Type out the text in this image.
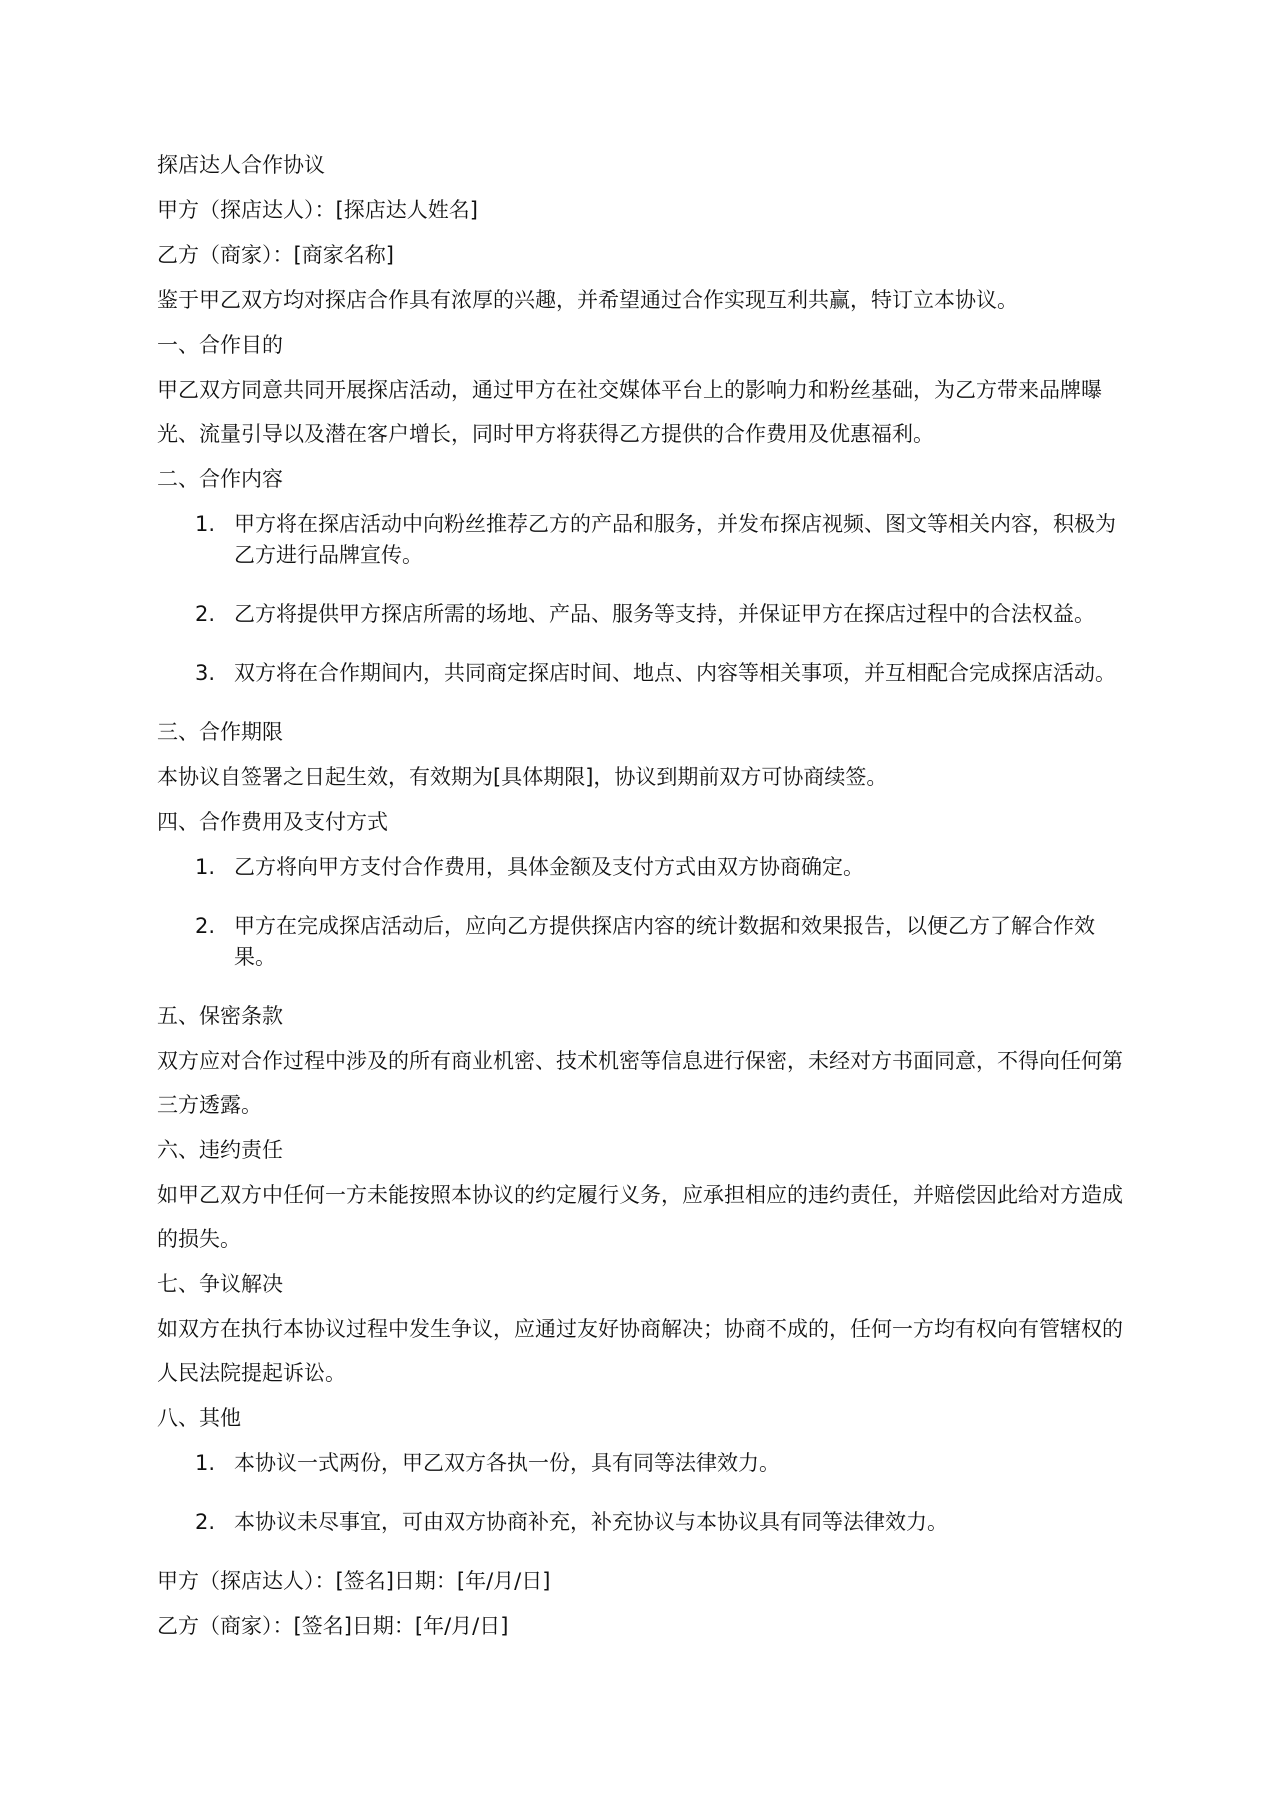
探店达人合作协议
甲方（探店达人）：[探店达人姓名]
乙方（商家）：[商家名称]
鉴于甲乙双方均对探店合作具有浓厚的兴趣，并希望通过合作实现互利共赢，特订立本协议。
一、合作目的
甲乙双方同意共同开展探店活动，通过甲方在社交媒体平台上的影响力和粉丝基础，为乙方带来品牌曝光、流量引导以及潜在客户增长，同时甲方将获得乙方提供的合作费用及优惠福利。
二、合作内容
1. 甲方将在探店活动中向粉丝推荐乙方的产品和服务，并发布探店视频、图文等相关内容，积极为乙方进行品牌宣传。
2. 乙方将提供甲方探店所需的场地、产品、服务等支持，并保证甲方在探店过程中的合法权益。
3. 双方将在合作期间内，共同商定探店时间、地点、内容等相关事项，并互相配合完成探店活动。
三、合作期限
本协议自签署之日起生效，有效期为[具体期限]，协议到期前双方可协商续签。
四、合作费用及支付方式
1. 乙方将向甲方支付合作费用，具体金额及支付方式由双方协商确定。
2. 甲方在完成探店活动后，应向乙方提供探店内容的统计数据和效果报告，以便乙方了解合作效果。
五、保密条款
双方应对合作过程中涉及的所有商业机密、技术机密等信息进行保密，未经对方书面同意，不得向任何第三方透露。
六、违约责任
如甲乙双方中任何一方未能按照本协议的约定履行义务，应承担相应的违约责任，并赔偿因此给对方造成的损失。
七、争议解决
如双方在执行本协议过程中发生争议，应通过友好协商解决；协商不成的，任何一方均有权向有管辖权的人民法院提起诉讼。
八、其他
1. 本协议一式两份，甲乙双方各执一份，具有同等法律效力。
2. 本协议未尽事宜，可由双方协商补充，补充协议与本协议具有同等法律效力。
甲方（探店达人）：[签名]日期：[年/月/日]
乙方（商家）：[签名]日期：[年/月/日]
